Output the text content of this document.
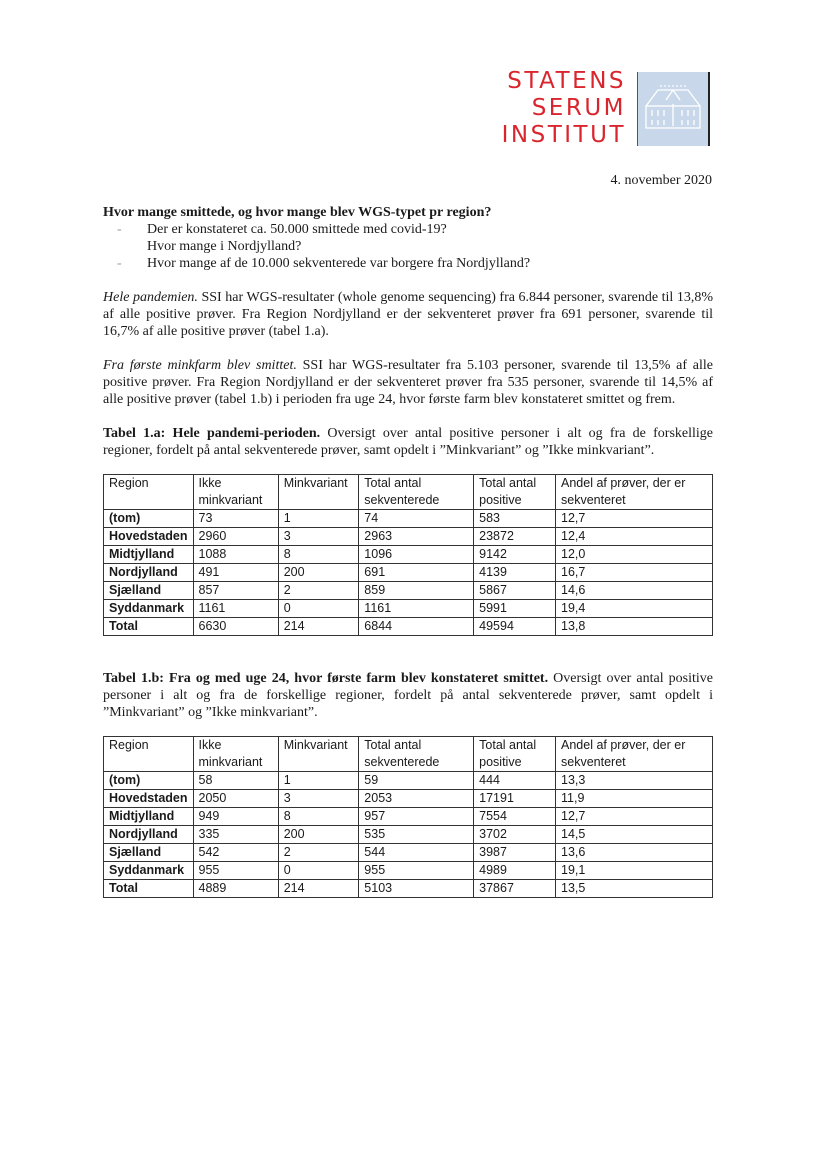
STATENS
SERUM
INSTITUT
4. november 2020
Hvor mange smittede, og hvor mange blev WGS-typet pr region?
- Der er konstateret ca. 50.000 smittede med covid-19?
Hvor mange i Nordjylland?
- Hvor mange af de 10.000 sekventerede var borgere fra Nordjylland?

Hele pandemien. SSI har WGS-resultater (whole genome sequencing) fra 6.844 personer, svarende til 13,8% af alle positive prøver. Fra Region Nordjylland er der sekventeret prøver fra 691 personer, svarende til 16,7% af alle positive prøver (tabel 1.a).

Fra første minkfarm blev smittet. SSI har WGS-resultater fra 5.103 personer, svarende til 13,5% af alle positive prøver. Fra Region Nordjylland er der sekventeret prøver fra 535 personer, svarende til 14,5% af alle positive prøver (tabel 1.b) i perioden fra uge 24, hvor første farm blev konstateret smittet og frem.

Tabel 1.a: Hele pandemi-perioden. Oversigt over antal positive personer i alt og fra de forskellige regioner, fordelt på antal sekventerede prøver, samt opdelt i ”Minkvariant” og ”Ikke minkvariant”.

Region	Ikke minkvariant	Minkvariant	Total antal sekventerede	Total antal positive	Andel af prøver, der er sekventeret
(tom)	73	1	74	583	12,7
Hovedstaden	2960	3	2963	23872	12,4
Midtjylland	1088	8	1096	9142	12,0
Nordjylland	491	200	691	4139	16,7
Sjælland	857	2	859	5867	14,6
Syddanmark	1161	0	1161	5991	19,4
Total	6630	214	6844	49594	13,8

Tabel 1.b: Fra og med uge 24, hvor første farm blev konstateret smittet. Oversigt over antal positive personer i alt og fra de forskellige regioner, fordelt på antal sekventerede prøver, samt opdelt i ”Minkvariant” og ”Ikke minkvariant”.

Region	Ikke minkvariant	Minkvariant	Total antal sekventerede	Total antal positive	Andel af prøver, der er sekventeret
(tom)	58	1	59	444	13,3
Hovedstaden	2050	3	2053	17191	11,9
Midtjylland	949	8	957	7554	12,7
Nordjylland	335	200	535	3702	14,5
Sjælland	542	2	544	3987	13,6
Syddanmark	955	0	955	4989	19,1
Total	4889	214	5103	37867	13,5
